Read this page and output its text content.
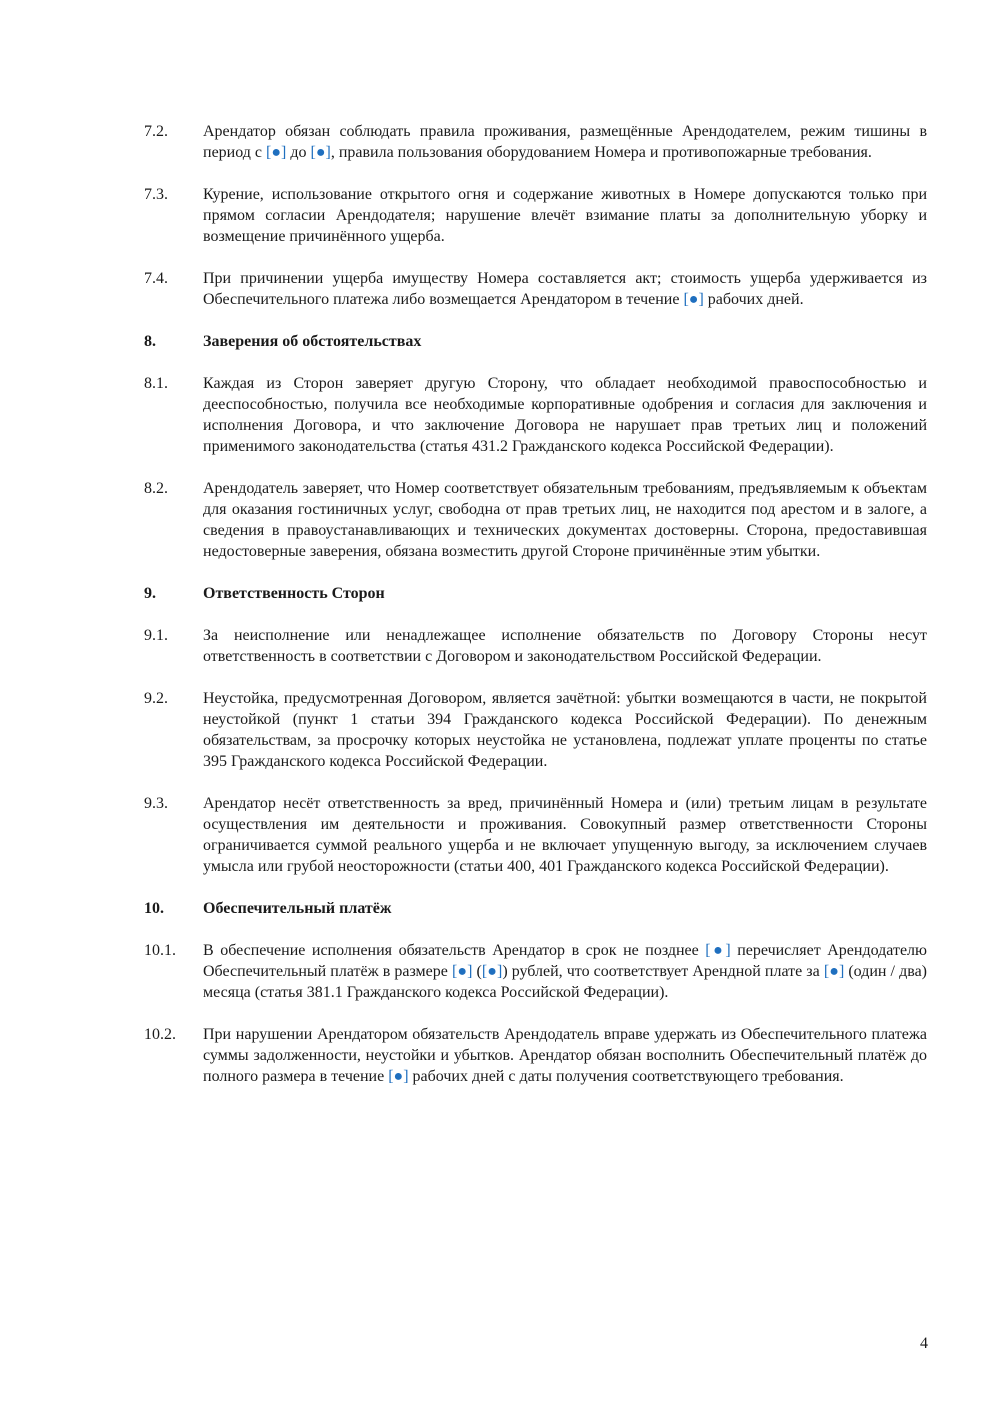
7.2.	Арендатор обязан соблюдать правила проживания, размещённые Арендодателем, режим тишины в период с [●] до [●], правила пользования оборудованием Номера и противопожарные требования.
7.3.	Курение, использование открытого огня и содержание животных в Номере допускаются только при прямом согласии Арендодателя; нарушение влечёт взимание платы за дополнительную уборку и возмещение причинённого ущерба.
7.4.	При причинении ущерба имуществу Номера составляется акт; стоимость ущерба удерживается из Обеспечительного платежа либо возмещается Арендатором в течение [●] рабочих дней.
8.	Заверения об обстоятельствах
8.1.	Каждая из Сторон заверяет другую Сторону, что обладает необходимой правоспособностью и дееспособностью, получила все необходимые корпоративные одобрения и согласия для заключения и исполнения Договора, и что заключение Договора не нарушает прав третьих лиц и положений применимого законодательства (статья 431.2 Гражданского кодекса Российской Федерации).
8.2.	Арендодатель заверяет, что Номер соответствует обязательным требованиям, предъявляемым к объектам для оказания гостиничных услуг, свободна от прав третьих лиц, не находится под арестом и в залоге, а сведения в правоустанавливающих и технических документах достоверны. Сторона, предоставившая недостоверные заверения, обязана возместить другой Стороне причинённые этим убытки.
9.	Ответственность Сторон
9.1.	За неисполнение или ненадлежащее исполнение обязательств по Договору Стороны несут ответственность в соответствии с Договором и законодательством Российской Федерации.
9.2.	Неустойка, предусмотренная Договором, является зачётной: убытки возмещаются в части, не покрытой неустойкой (пункт 1 статьи 394 Гражданского кодекса Российской Федерации). По денежным обязательствам, за просрочку которых неустойка не установлена, подлежат уплате проценты по статье 395 Гражданского кодекса Российской Федерации.
9.3.	Арендатор несёт ответственность за вред, причинённый Номера и (или) третьим лицам в результате осуществления им деятельности и проживания. Совокупный размер ответственности Стороны ограничивается суммой реального ущерба и не включает упущенную выгоду, за исключением случаев умысла или грубой неосторожности (статьи 400, 401 Гражданского кодекса Российской Федерации).
10.	Обеспечительный платёж
10.1.	В обеспечение исполнения обязательств Арендатор в срок не позднее [●] перечисляет Арендодателю Обеспечительный платёж в размере [●] ([●]) рублей, что соответствует Арендной плате за [●] (один / два) месяца (статья 381.1 Гражданского кодекса Российской Федерации).
10.2.	При нарушении Арендатором обязательств Арендодатель вправе удержать из Обеспечительного платежа суммы задолженности, неустойки и убытков. Арендатор обязан восполнить Обеспечительный платёж до полного размера в течение [●] рабочих дней с даты получения соответствующего требования.
4
